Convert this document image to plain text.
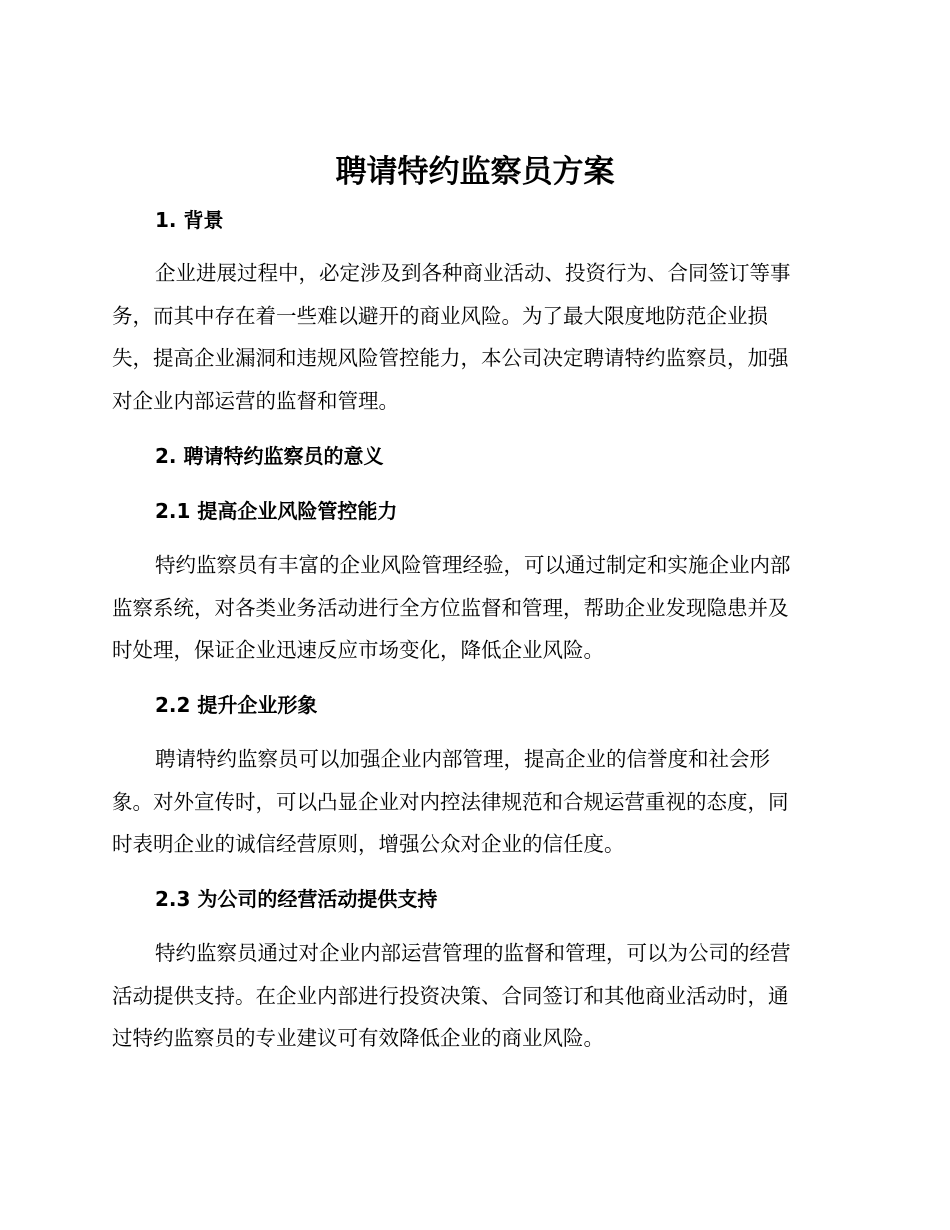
聘请特约监察员方案
1. 背景
企业进展过程中，必定涉及到各种商业活动、投资行为、合同签订等事
务，而其中存在着一些难以避开的商业风险。为了最大限度地防范企业损
失，提高企业漏洞和违规风险管控能力，本公司决定聘请特约监察员，加强
对企业内部运营的监督和管理。
2. 聘请特约监察员的意义
2.1 提高企业风险管控能力
特约监察员有丰富的企业风险管理经验，可以通过制定和实施企业内部
监察系统，对各类业务活动进行全方位监督和管理，帮助企业发现隐患并及
时处理，保证企业迅速反应市场变化，降低企业风险。
2.2 提升企业形象
聘请特约监察员可以加强企业内部管理，提高企业的信誉度和社会形
象。对外宣传时，可以凸显企业对内控法律规范和合规运营重视的态度，同
时表明企业的诚信经营原则，增强公众对企业的信任度。
2.3 为公司的经营活动提供支持
特约监察员通过对企业内部运营管理的监督和管理，可以为公司的经营
活动提供支持。在企业内部进行投资决策、合同签订和其他商业活动时，通
过特约监察员的专业建议可有效降低企业的商业风险。
